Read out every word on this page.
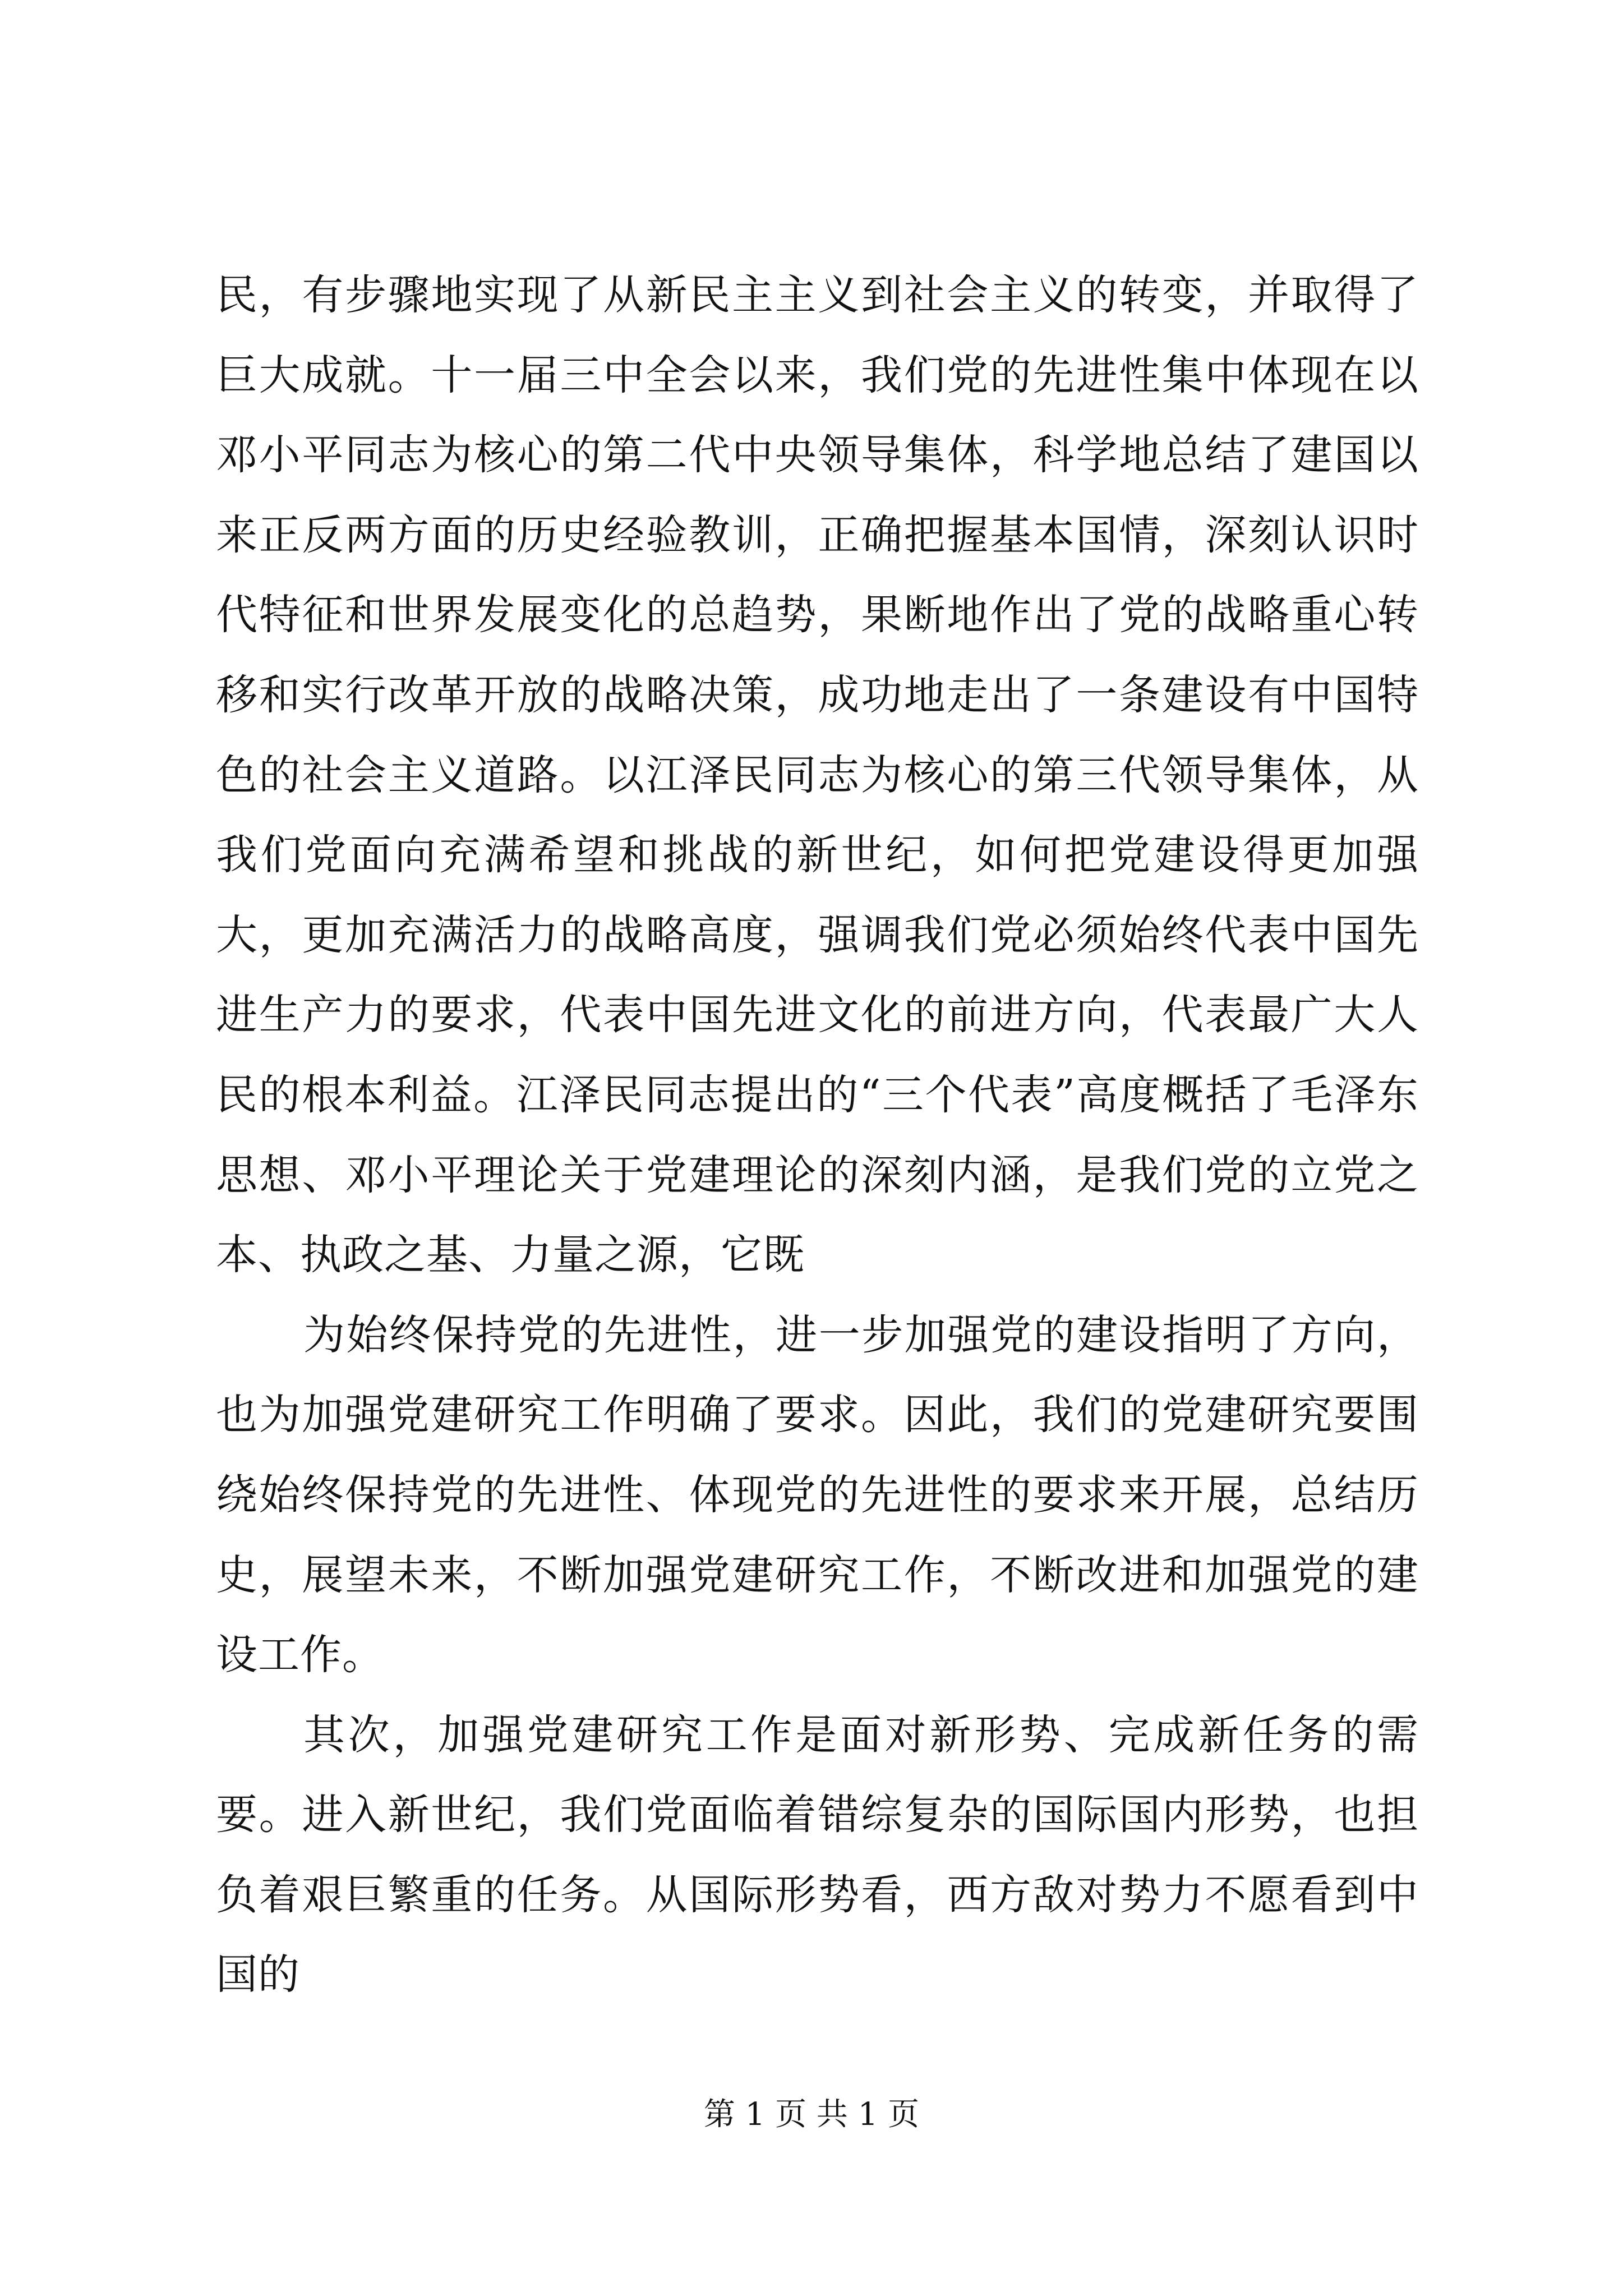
民，有步骤地实现了从新民主主义到社会主义的转变，并取得了巨大成就。十一届三中全会以来，我们党的先进性集中体现在以邓小平同志为核心的第二代中央领导集体，科学地总结了建国以来正反两方面的历史经验教训，正确把握基本国情，深刻认识时代特征和世界发展变化的总趋势，果断地作出了党的战略重心转移和实行改革开放的战略决策，成功地走出了一条建设有中国特色的社会主义道路。以江泽民同志为核心的第三代领导集体，从我们党面向充满希望和挑战的新世纪，如何把党建设得更加强大，更加充满活力的战略高度，强调我们党必须始终代表中国先进生产力的要求，代表中国先进文化的前进方向，代表最广大人民的根本利益。江泽民同志提出的“三个代表”高度概括了毛泽东思想、邓小平理论关于党建理论的深刻内涵，是我们党的立党之本、执政之基、力量之源，它既

为始终保持党的先进性，进一步加强党的建设指明了方向，也为加强党建研究工作明确了要求。因此，我们的党建研究要围绕始终保持党的先进性、体现党的先进性的要求来开展，总结历史，展望未来，不断加强党建研究工作，不断改进和加强党的建设工作。

其次，加强党建研究工作是面对新形势、完成新任务的需要。进入新世纪，我们党面临着错综复杂的国际国内形势，也担负着艰巨繁重的任务。从国际形势看，西方敌对势力不愿看到中国的

第 1 页 共 1 页
